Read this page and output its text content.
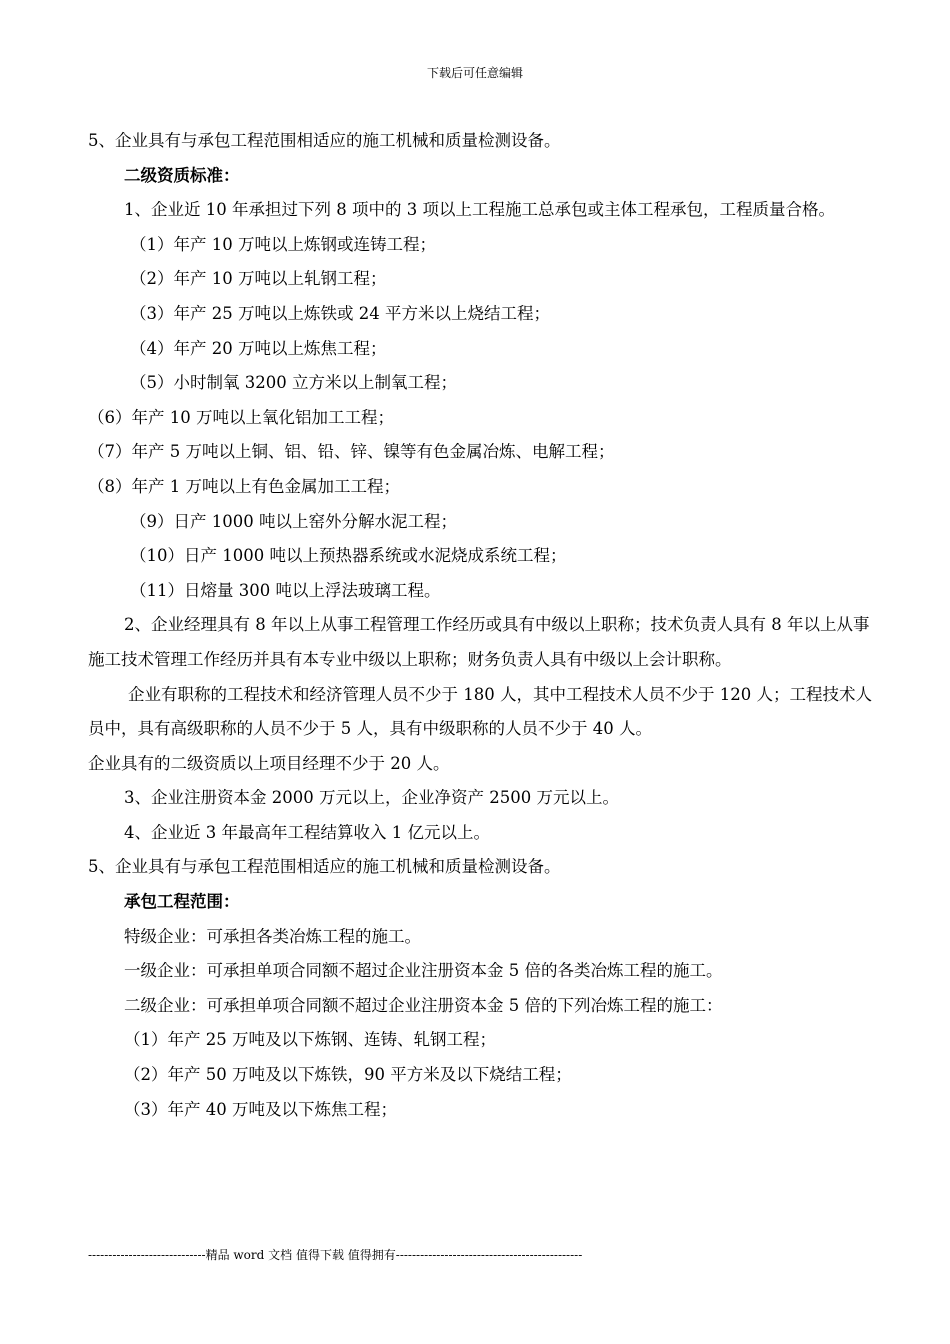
下载后可任意编辑

5、企业具有与承包工程范围相适应的施工机械和质量检测设备。

二级资质标准：

1、企业近 10 年承担过下列 8 项中的 3 项以上工程施工总承包或主体工程承包，工程质量合格。

（1）年产 10 万吨以上炼钢或连铸工程；

（2）年产 10 万吨以上轧钢工程；

（3）年产 25 万吨以上炼铁或 24 平方米以上烧结工程；

（4）年产 20 万吨以上炼焦工程；

（5）小时制氧 3200 立方米以上制氧工程；

（6）年产 10 万吨以上氧化铝加工工程；

（7）年产 5 万吨以上铜、铝、铅、锌、镍等有色金属冶炼、电解工程；

（8）年产 1 万吨以上有色金属加工工程；

（9）日产 1000 吨以上窑外分解水泥工程；

（10）日产 1000 吨以上预热器系统或水泥烧成系统工程；

（11）日熔量 300 吨以上浮法玻璃工程。

2、企业经理具有 8 年以上从事工程管理工作经历或具有中级以上职称；技术负责人具有 8 年以上从事施工技术管理工作经历并具有本专业中级以上职称；财务负责人具有中级以上会计职称。

企业有职称的工程技术和经济管理人员不少于 180 人，其中工程技术人员不少于 120 人；工程技术人员中，具有高级职称的人员不少于 5 人，具有中级职称的人员不少于 40 人。

企业具有的二级资质以上项目经理不少于 20 人。

3、企业注册资本金 2000 万元以上，企业净资产 2500 万元以上。

4、企业近 3 年最高年工程结算收入 1 亿元以上。

5、企业具有与承包工程范围相适应的施工机械和质量检测设备。

承包工程范围：

特级企业：可承担各类冶炼工程的施工。

一级企业：可承担单项合同额不超过企业注册资本金 5 倍的各类冶炼工程的施工。

二级企业：可承担单项合同额不超过企业注册资本金 5 倍的下列冶炼工程的施工：

（1）年产 25 万吨及以下炼钢、连铸、轧钢工程；

（2）年产 50 万吨及以下炼铁，90 平方米及以下烧结工程；

（3）年产 40 万吨及以下炼焦工程；

-----------------------------精品 word 文档 值得下载 值得拥有----------------------------------------------
